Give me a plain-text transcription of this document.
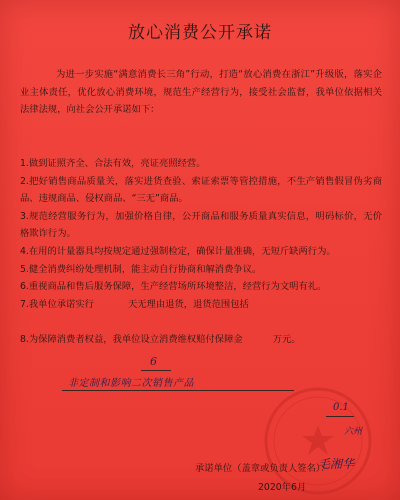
放心消费公开承诺
为进一步实施“满意消费长三角”行动，打造“放心消费在浙江”升级版，落实企业主体责任，优化放心消费环境，规范生产经营行为，接受社会监督，我单位依据相关法律法规，向社会公开承诺如下：

1.做到证照齐全、合法有效，亮证亮照经营。

2.把好销售商品质量关，落实进货查验、索证索票等管控措施，不生产销售假冒伪劣商品、违规商品、侵权商品、“三无”商品。

3.规范经营服务行为，加强价格自律，公开商品和服务质量真实信息，明码标价，无价格欺诈行为。

4.在用的计量器具均按规定通过强制检定，确保计量准确，无短斤缺两行为。

5.健全消费纠纷处理机制，能主动自行协商和解消费争议。

6.重视商品和售后服务保障，生产经营场所环境整洁，经营行为文明有礼。

7.我单位承诺实行	天无理由退货，退货范围包括

8.为保障消费者权益，我单位设立消费维权赔付保障金	万元。

6
非定制和影响二次销售产品
0.1
六州
承诺单位（盖章或负责人签名）：
毛湘华
2020年6月
